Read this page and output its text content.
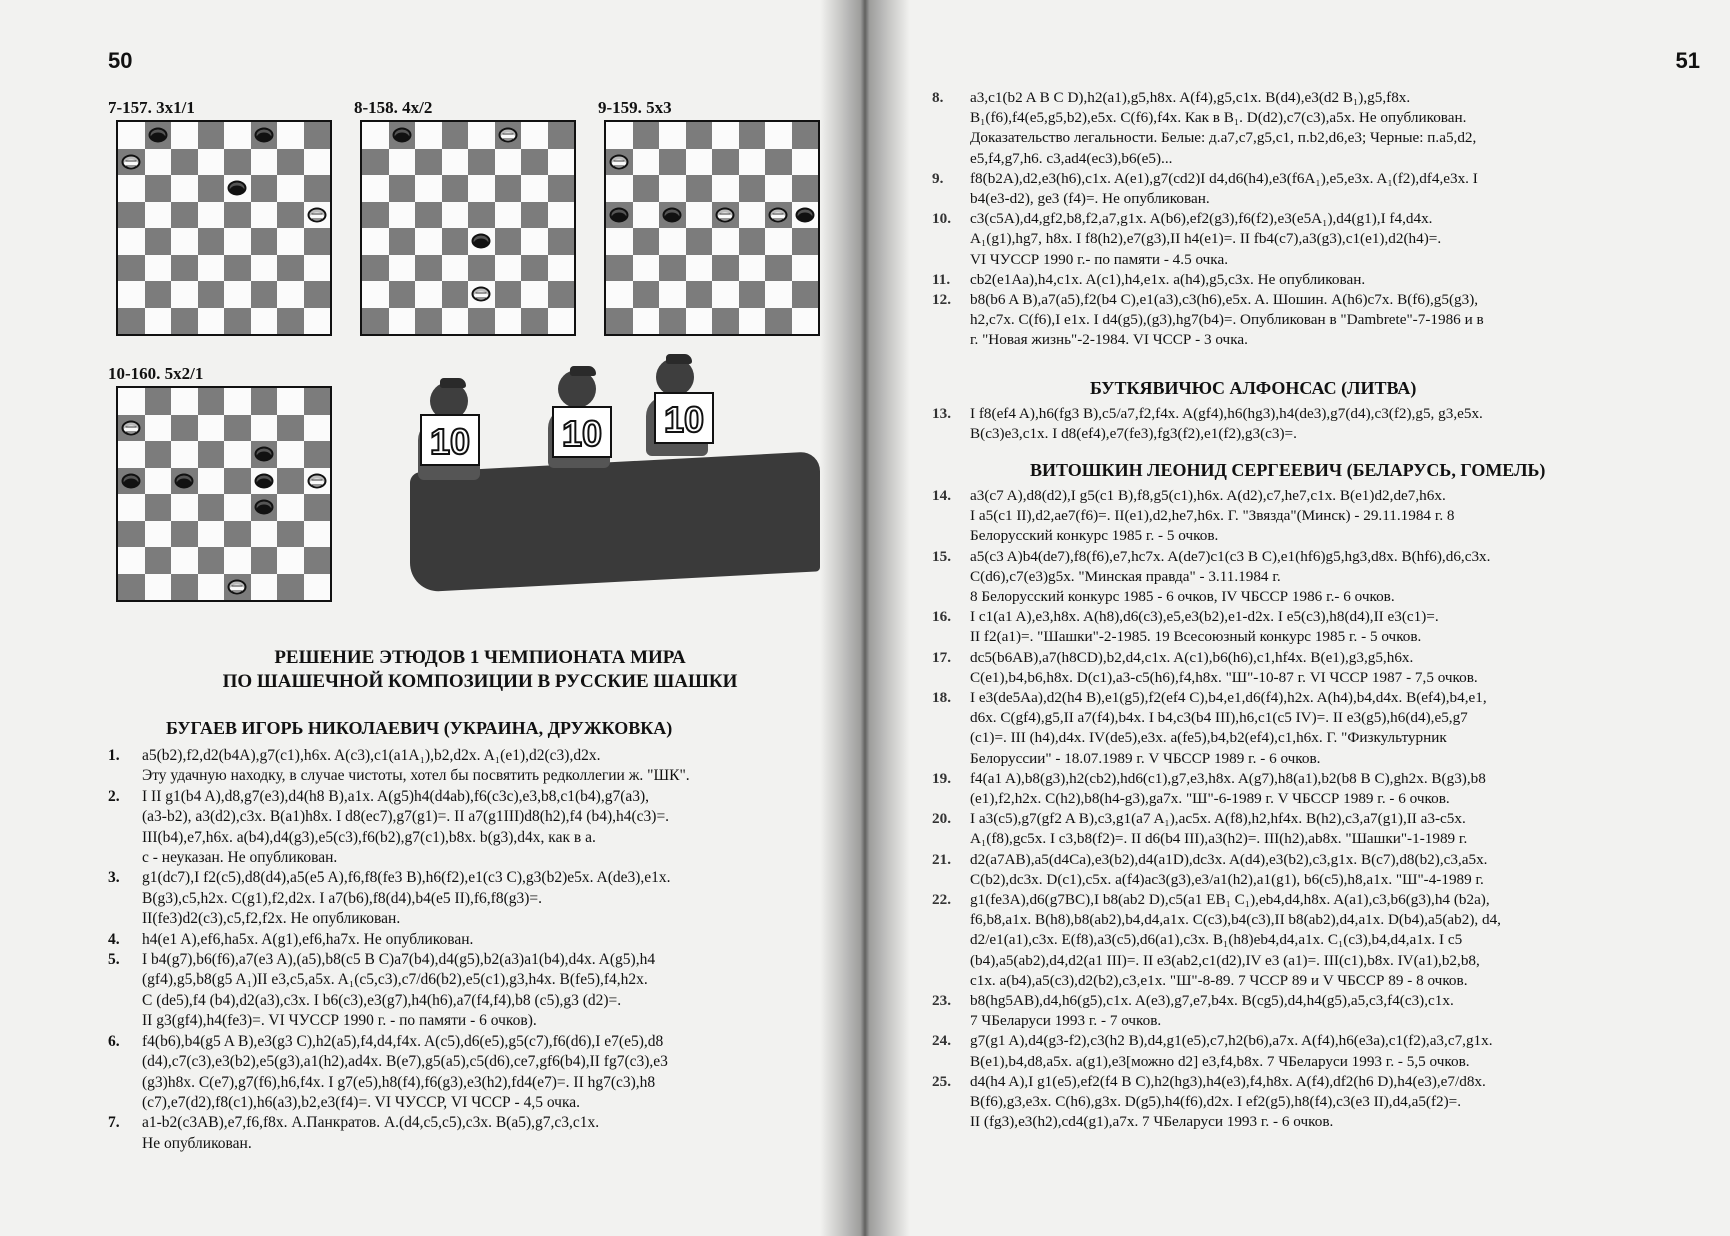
50
7-157. 3x1/1	8-158. 4x/2	9-159. 5x3
10-160. 5x2/1
10	10 10
РЕШЕНИЕ ЭТЮДОВ 1 ЧЕМПИОНАТА МИРА
ПО ШАШЕЧНОЙ КОМПОЗИЦИИ В РУССКИЕ ШАШКИ
БУГАЕВ ИГОРЬ НИКОЛАЕВИЧ (УКРАИНА, ДРУЖКОВКА)
1. a5(b2),f2,d2(b4A),g7(c1),h6x. A(c3),c1(a1A₁),b2,d2x. A₁(e1),d2(c3),d2x.
Эту удачную находку, в случае чистоты, хотел бы посвятить редколлегии ж. "ШК".
2. I II g1(b4 A),d8,g7(e3),d4(h8 B),a1x. A(g5)h4(d4ab),f6(c3c),e3,b8,c1(b4),g7(a3),
(a3-b2), a3(d2),c3x. B(a1)h8x. I d8(ec7),g7(g1)=. II a7(g1III)d8(h2),f4 (b4),h4(c3)=.
III(b4),e7,h6x. a(b4),d4(g3),e5(c3),f6(b2),g7(c1),b8x. b(g3),d4x, как в a.
с - неуказан. Не опубликован.
3. g1(dc7),I f2(c5),d8(d4),a5(e5 A),f6,f8(fe3 B),h6(f2),e1(c3 C),g3(b2)e5x. A(de3),e1x.
B(g3),c5,h2x. C(g1),f2,d2x. I a7(b6),f8(d4),b4(e5 II),f6,f8(g3)=.
II(fe3)d2(c3),c5,f2,f2x. Не опубликован.
4. h4(e1 A),ef6,ha5x. A(g1),ef6,ha7x. Не опубликован.
5. I b4(g7),b6(f6),a7(e3 A),(a5),b8(c5 B C)a7(b4),d4(g5),b2(a3)a1(b4),d4x. A(g5),h4
(gf4),g5,b8(g5 A₁)II e3,c5,a5x. A₁(c5,c3),c7/d6(b2),e5(c1),g3,h4x. B(fe5),f4,h2x.
C (de5),f4 (b4),d2(a3),c3x. I b6(c3),e3(g7),h4(h6),a7(f4,f4),b8 (c5),g3 (d2)=.
II g3(gf4),h4(fe3)=. VI ЧУССР 1990 г. - по памяти - 6 очков).
6. f4(b6),b4(g5 A B),e3(g3 C),h2(a5),f4,d4,f4x. A(c5),d6(e5),g5(c7),f6(d6),I e7(e5),d8
(d4),c7(c3),e3(b2),e5(g3),a1(h2),ad4x. B(e7),g5(a5),c5(d6),ce7,gf6(b4),II fg7(c3),e3
(g3)h8x. C(e7),g7(f6),h6,f4x. I g7(e5),h8(f4),f6(g3),e3(h2),fd4(e7)=. II hg7(c3),h8
(c7),e7(d2),f8(c1),h6(a3),b2,e3(f4)=. VI ЧУССР, VI ЧССР - 4,5 очка.
7. a1-b2(c3AB),e7,f6,f8x. А.Панкратов. A.(d4,c5,c5),c3x. B(a5),g7,c3,c1x.
Не опубликован.
51
8. a3,c1(b2 A B C D),h2(a1),g5,h8x. A(f4),g5,c1x. B(d4),e3(d2 B₁),g5,f8x.
B₁(f6),f4(e5,g5,b2),e5x. C(f6),f4x. Как в B₁. D(d2),c7(c3),a5x. Не опубликован.
Доказательство легальности. Белые: д.a7,c7,g5,c1, п.b2,d6,e3; Черные: п.a5,d2,
e5,f4,g7,h6. c3,ad4(ec3),b6(e5)...
9. f8(b2A),d2,e3(h6),c1x. A(e1),g7(cd2)I d4,d6(h4),e3(f6A₁),e5,e3x. A₁(f2),df4,e3x. I
b4(e3-d2), ge3 (f4)=. Не опубликован.
10. c3(c5A),d4,gf2,b8,f2,a7,g1x. A(b6),ef2(g3),f6(f2),e3(e5A₁),d4(g1),I f4,d4x.
A₁(g1),hg7, h8x. I f8(h2),e7(g3),II h4(e1)=. II fb4(c7),a3(g3),c1(e1),d2(h4)=.
VI ЧУССР 1990 г.- по памяти - 4.5 очка.
11. cb2(e1Aa),h4,c1x. A(c1),h4,e1x. a(h4),g5,c3x. Не опубликован.
12. b8(b6 A B),a7(a5),f2(b4 C),e1(a3),c3(h6),e5x. A. Шошин. A(h6)c7x. B(f6),g5(g3),
h2,c7x. C(f6),I e1x. I d4(g5),(g3),hg7(b4)=. Опубликован в "Dambrete"-7-1986 и в
г. "Новая жизнь"-2-1984. VI ЧССР - 3 очка.
БУТКЯВИЧЮС АЛФОНСАС (ЛИТВА)
13. I f8(ef4 A),h6(fg3 B),c5/a7,f2,f4x. A(gf4),h6(hg3),h4(de3),g7(d4),c3(f2),g5, g3,e5x.
B(c3)e3,c1x. I d8(ef4),e7(fe3),fg3(f2),e1(f2),g3(c3)=.
ВИТОШКИН ЛЕОНИД СЕРГЕЕВИЧ (БЕЛАРУСЬ, ГОМЕЛЬ)
14. a3(c7 A),d8(d2),I g5(c1 B),f8,g5(c1),h6x. A(d2),c7,he7,c1x. B(e1)d2,de7,h6x.
I a5(c1 II),d2,ae7(f6)=. II(e1),d2,he7,h6x. Г. "Звязда"(Минск) - 29.11.1984 г. 8
Белорусский конкурс 1985 г. - 5 очков.
15. a5(c3 A)b4(de7),f8(f6),e7,hc7x. A(de7)c1(c3 B C),e1(hf6)g5,hg3,d8x. B(hf6),d6,c3x.
C(d6),c7(e3)g5x. "Минская правда" - 3.11.1984 г.
8 Белорусский конкурс 1985 - 6 очков, IV ЧБССР 1986 г.- 6 очков.
16. I c1(a1 A),e3,h8x. A(h8),d6(c3),e5,e3(b2),e1-d2x. I e5(c3),h8(d4),II e3(c1)=.
II f2(a1)=. "Шашки"-2-1985. 19 Всесоюзный конкурс 1985 г. - 5 очков.
17. dc5(b6AB),a7(h8CD),b2,d4,c1x. A(c1),b6(h6),c1,hf4x. B(e1),g3,g5,h6x.
C(e1),b4,b6,h8x. D(c1),a3-c5(h6),f4,h8x. "Ш"-10-87 г. VI ЧССР 1987 - 7,5 очков.
18. I e3(de5Aa),d2(h4 B),e1(g5),f2(ef4 C),b4,e1,d6(f4),h2x. A(h4),b4,d4x. B(ef4),b4,e1,
d6x. C(gf4),g5,II a7(f4),b4x. I b4,c3(b4 III),h6,c1(c5 IV)=. II e3(g5),h6(d4),e5,g7
(c1)=. III (h4),d4x. IV(de5),e3x. a(fe5),b4,b2(ef4),c1,h6x. Г. "Физкультурник
Белоруссии" - 18.07.1989 г. V ЧБССР 1989 г. - 6 очков.
19. f4(a1 A),b8(g3),h2(cb2),hd6(c1),g7,e3,h8x. A(g7),h8(a1),b2(b8 B C),gh2x. B(g3),b8
(e1),f2,h2x. C(h2),b8(h4-g3),ga7x. "Ш"-6-1989 г. V ЧБССР 1989 г. - 6 очков.
20. I a3(c5),g7(gf2 A B),c3,g1(a7 A₁),ac5x. A(f8),h2,hf4x. B(h2),c3,a7(g1),II a3-c5x.
A₁(f8),gc5x. I c3,b8(f2)=. II d6(b4 III),a3(h2)=. III(h2),ab8x. "Шашки"-1-1989 г.
21. d2(a7AB),a5(d4Ca),e3(b2),d4(a1D),dc3x. A(d4),e3(b2),c3,g1x. B(c7),d8(b2),c3,a5x.
C(b2),dc3x. D(c1),c5x. a(f4)ac3(g3),e3/a1(h2),a1(g1), b6(c5),h8,a1x. "Ш"-4-1989 г.
22. g1(fe3A),d6(g7BC),I b8(ab2 D),c5(a1 EB₁ C₁),eb4,d4,h8x. A(a1),c3,b6(g3),h4 (b2a),
f6,b8,a1x. B(h8),b8(ab2),b4,d4,a1x. C(c3),b4(c3),II b8(ab2),d4,a1x. D(b4),a5(ab2), d4,
d2/e1(a1),c3x. E(f8),a3(c5),d6(a1),c3x. B₁(h8)eb4,d4,a1x. C₁(c3),b4,d4,a1x. I c5
(b4),a5(ab2),d4,d2(a1 III)=. II e3(ab2,c1(d2),IV e3 (a1)=. III(c1),b8x. IV(a1),b2,b8,
c1x. a(b4),a5(c3),d2(b2),c3,e1x. "Ш"-8-89. 7 ЧССР 89 и V ЧБССР 89 - 8 очков.
23. b8(hg5AB),d4,h6(g5),c1x. A(e3),g7,e7,b4x. B(cg5),d4,h4(g5),a5,c3,f4(c3),c1x.
7 ЧБеларуси 1993 г. - 7 очков.
24. g7(g1 A),d4(g3-f2),c3(h2 B),d4,g1(e5),c7,h2(b6),a7x. A(f4),h6(e3a),c1(f2),a3,c7,g1x.
B(e1),b4,d8,a5x. a(g1),e3[можно d2] e3,f4,b8x. 7 ЧБеларуси 1993 г. - 5,5 очков.
25. d4(h4 A),I g1(e5),ef2(f4 B C),h2(hg3),h4(e3),f4,h8x. A(f4),df2(h6 D),h4(e3),e7/d8x.
B(f6),g3,e3x. C(h6),g3x. D(g5),h4(f6),d2x. I ef2(g5),h8(f4),c3(e3 II),d4,a5(f2)=.
II (fg3),e3(h2),cd4(g1),a7x. 7 ЧБеларуси 1993 г. - 6 очков.
